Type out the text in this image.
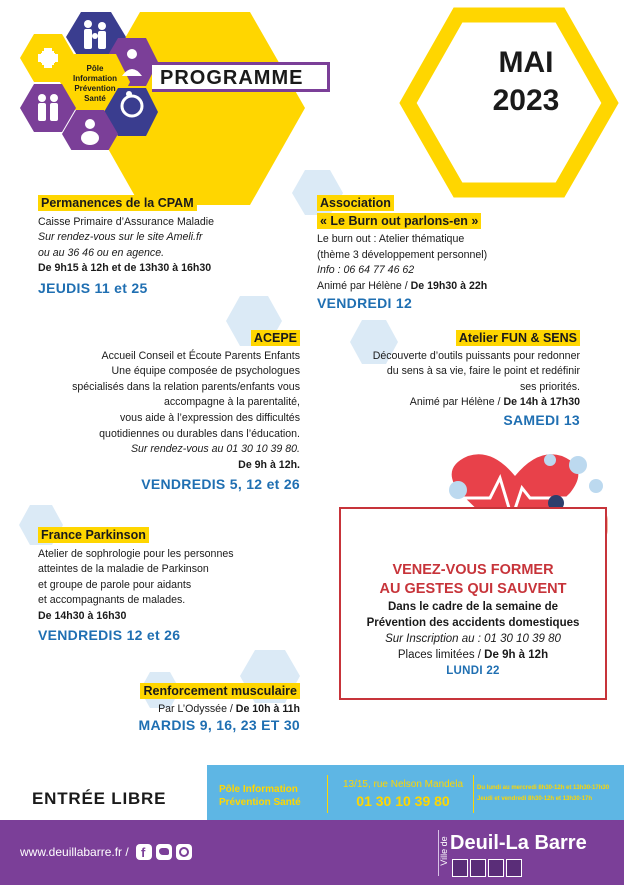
Pôle Information Prévention Santé
PROGRAMME	MAI
2023
Permanences de la CPAM
Caisse Primaire d’Assurance Maladie
Sur rendez-vous sur le site Ameli.fr
ou au 36 46 ou en agence.
De 9h15 à 12h et de 13h30 à 16h30
JEUDIS 11 et 25
Association
« Le Burn out parlons-en »
Le burn out : Atelier thématique
(thème 3 développement personnel)
Info : 06 64 77 46 62
Animé par Hélène / De 19h30 à 22h
VENDREDI 12
ACEPE
Accueil Conseil et Écoute Parents Enfants
Une équipe composée de psychologues
spécialisés dans la relation parents/enfants vous
accompagne à la parentalité,
vous aide à l’expression des difficultés
quotidiennes ou durables dans l’éducation.
Sur rendez-vous au 01 30 10 39 80.
De 9h à 12h.
VENDREDIS 5, 12 et 26
Atelier FUN & SENS
Découverte d’outils puissants pour redonner
du sens à sa vie, faire le point et redéfinir
ses priorités.
Animé par Hélène / De 14h à 17h30
SAMEDI 13
VENEZ-VOUS FORMER
AU GESTES QUI SAUVENT
Dans le cadre de la semaine de
Prévention des accidents domestiques
Sur Inscription au : 01 30 10 39 80
Places limitées / De 9h à 12h
LUNDI 22
France Parkinson
Atelier de sophrologie pour les personnes
atteintes de la maladie de Parkinson
et groupe de parole pour aidants
et accompagnants de malades.
De 14h30 à 16h30
VENDREDIS 12 et 26
Renforcement musculaire
Par L’Odyssée / De 10h à 11h
MARDIS 9, 16, 23 ET 30
ENTRÉE LIBRE	Pôle Information
Prévention Santé
13/15, rue Nelson Mandela
01 30 10 39 80
Du lundi au mercredi 8h30-12h et 13h30-17h30
Jeudi et vendredi 8h30-12h et 13h30-17h
www.deuillabarre.fr / f	Ville de Deuil-La Barre
